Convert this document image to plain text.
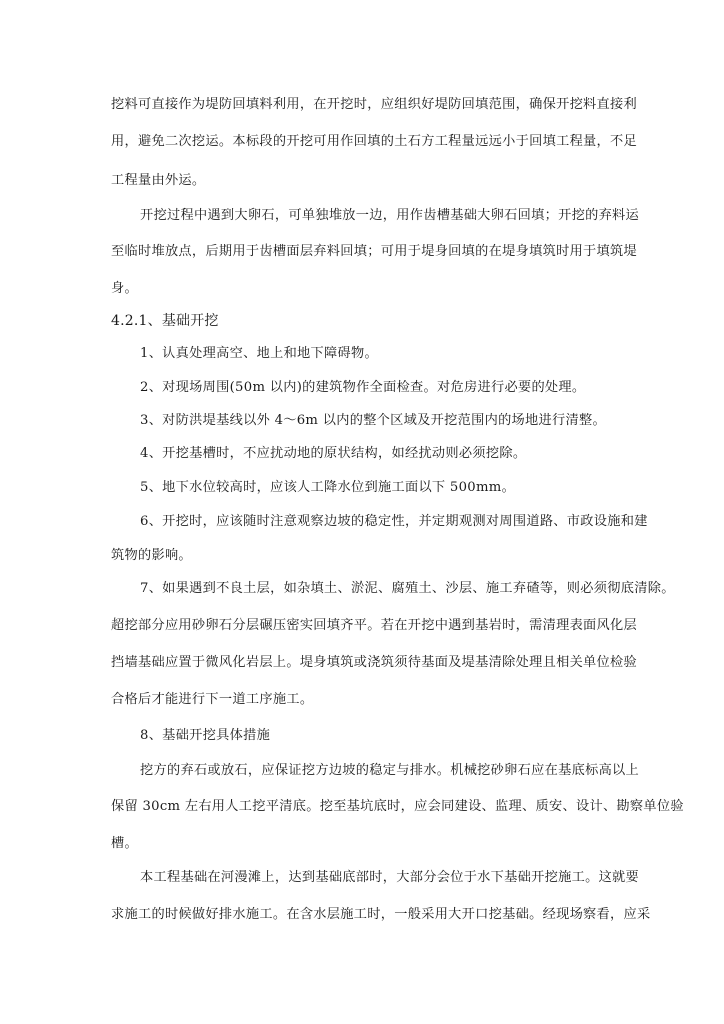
挖料可直接作为堤防回填料利用，在开挖时，应组织好堤防回填范围，确保开挖料直接利
用，避免二次挖运。本标段的开挖可用作回填的土石方工程量远远小于回填工程量，不足
工程量由外运。
开挖过程中遇到大卵石，可单独堆放一边，用作齿槽基础大卵石回填；开挖的弃料运
至临时堆放点，后期用于齿槽面层弃料回填；可用于堤身回填的在堤身填筑时用于填筑堤
身。
4.2.1、基础开挖
1、认真处理高空、地上和地下障碍物。
2、对现场周围(50m 以内)的建筑物作全面检查。对危房进行必要的处理。
3、对防洪堤基线以外 4～6m 以内的整个区域及开挖范围内的场地进行清整。
4、开挖基槽时，不应扰动地的原状结构，如经扰动则必须挖除。
5、地下水位较高时，应该人工降水位到施工面以下 500mm。
6、开挖时，应该随时注意观察边坡的稳定性，并定期观测对周围道路、市政设施和建
筑物的影响。
7、如果遇到不良土层，如杂填土、淤泥、腐殖土、沙层、施工弃碴等，则必须彻底清除。
超挖部分应用砂卵石分层碾压密实回填齐平。若在开挖中遇到基岩时，需清理表面风化层
挡墙基础应置于微风化岩层上。堤身填筑或浇筑须待基面及堤基清除处理且相关单位检验
合格后才能进行下一道工序施工。
8、基础开挖具体措施
挖方的弃石或放石，应保证挖方边坡的稳定与排水。机械挖砂卵石应在基底标高以上
保留 30cm 左右用人工挖平清底。挖至基坑底时，应会同建设、监理、质安、设计、勘察单位验
槽。
本工程基础在河漫滩上，达到基础底部时，大部分会位于水下基础开挖施工。这就要
求施工的时候做好排水施工。在含水层施工时，一般采用大开口挖基础。经现场察看，应采
